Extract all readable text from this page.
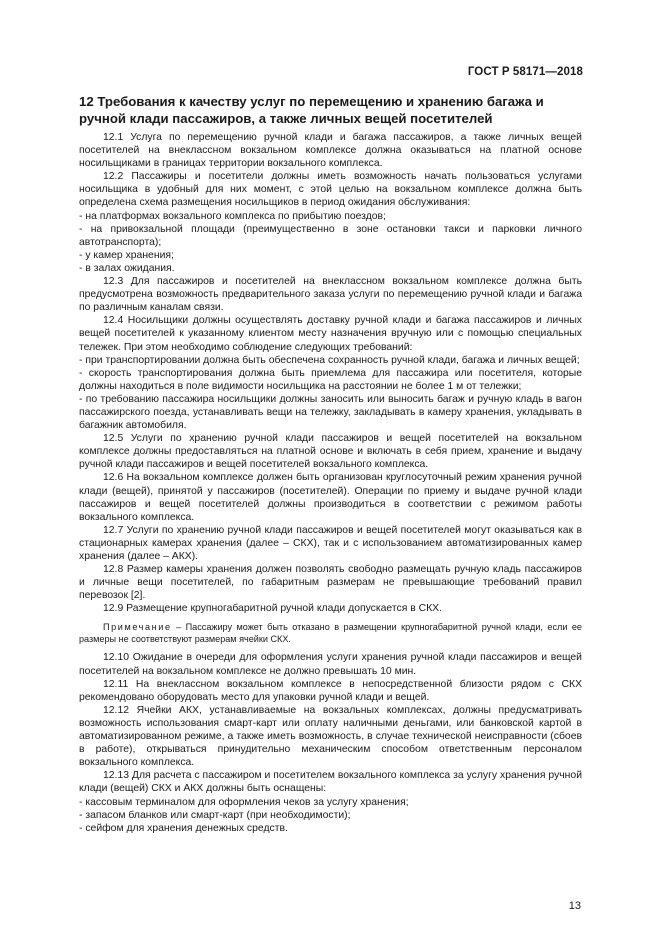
ГОСТ Р 58171—2018
12 Требования к качеству услуг по перемещению и хранению багажа и ручной клади пассажиров, а также личных вещей посетителей

12.1 Услуга по перемещению ручной клади и багажа пассажиров, а также личных вещей посетителей на внеклассном вокзальном комплексе должна оказываться на платной основе носильщиками в границах территории вокзального комплекса.

12.2 Пассажиры и посетители должны иметь возможность начать пользоваться услугами носильщика в удобный для них момент, с этой целью на вокзальном комплексе должна быть определена схема размещения носильщиков в период ожидания обслуживания:

- на платформах вокзального комплекса по прибытию поездов;

- на привокзальной площади (преимущественно в зоне остановки такси и парковки личного автотранспорта);

- у камер хранения;

- в залах ожидания.

12.3 Для пассажиров и посетителей на внеклассном вокзальном комплексе должна быть предусмотрена возможность предварительного заказа услуги по перемещению ручной клади и багажа по различным каналам связи.

12.4 Носильщики должны осуществлять доставку ручной клади и багажа пассажиров и личных вещей посетителей к указанному клиентом месту назначения вручную или с помощью специальных тележек. При этом необходимо соблюдение следующих требований:

- при транспортировании должна быть обеспечена сохранность ручной клади, багажа и личных вещей;

- скорость транспортирования должна быть приемлема для пассажира или посетителя, которые должны находиться в поле видимости носильщика на расстоянии не более 1 м от тележки;

- по требованию пассажира носильщики должны заносить или выносить багаж и ручную кладь в вагон пассажирского поезда, устанавливать вещи на тележку, закладывать в камеру хранения, укладывать в багажник автомобиля.

12.5 Услуги по хранению ручной клади пассажиров и вещей посетителей на вокзальном комплексе должны предоставляться на платной основе и включать в себя прием, хранение и выдачу ручной клади пассажиров и вещей посетителей вокзального комплекса.

12.6 На вокзальном комплексе должен быть организован круглосуточный режим хранения ручной клади (вещей), принятой у пассажиров (посетителей). Операции по приему и выдаче ручной клади пассажиров и вещей посетителей должны производиться в соответствии с режимом работы вокзального комплекса.

12.7 Услуги по хранению ручной клади пассажиров и вещей посетителей могут оказываться как в стационарных камерах хранения (далее – СКХ), так и с использованием автоматизированных камер хранения (далее – АКХ).

12.8 Размер камеры хранения должен позволять свободно размещать ручную кладь пассажиров и личные вещи посетителей, по габаритным размерам не превышающие требований правил перевозок [2].

12.9 Размещение крупногабаритной ручной клади допускается в СКХ.

Примечание – Пассажиру может быть отказано в размещении крупногабаритной ручной клади, если ее размеры не соответствуют размерам ячейки СКХ.

12.10 Ожидание в очереди для оформления услуги хранения ручной клади пассажиров и вещей посетителей на вокзальном комплексе не должно превышать 10 мин.

12.11 На внеклассном вокзальном комплексе в непосредственной близости рядом с СКХ рекомендовано оборудовать место для упаковки ручной клади и вещей.

12.12 Ячейки АКХ, устанавливаемые на вокзальных комплексах, должны предусматривать возможность использования смарт-карт или оплату наличными деньгами, или банковской картой в автоматизированном режиме, а также иметь возможность, в случае технической неисправности (сбоев в работе), открываться принудительно механическим способом ответственным персоналом вокзального комплекса.

12.13 Для расчета с пассажиром и посетителем вокзального комплекса за услугу хранения ручной клади (вещей) СКХ и АКХ должны быть оснащены:

- кассовым терминалом для оформления чеков за услугу хранения;

- запасом бланков или смарт-карт (при необходимости);

- сейфом для хранения денежных средств.

13
